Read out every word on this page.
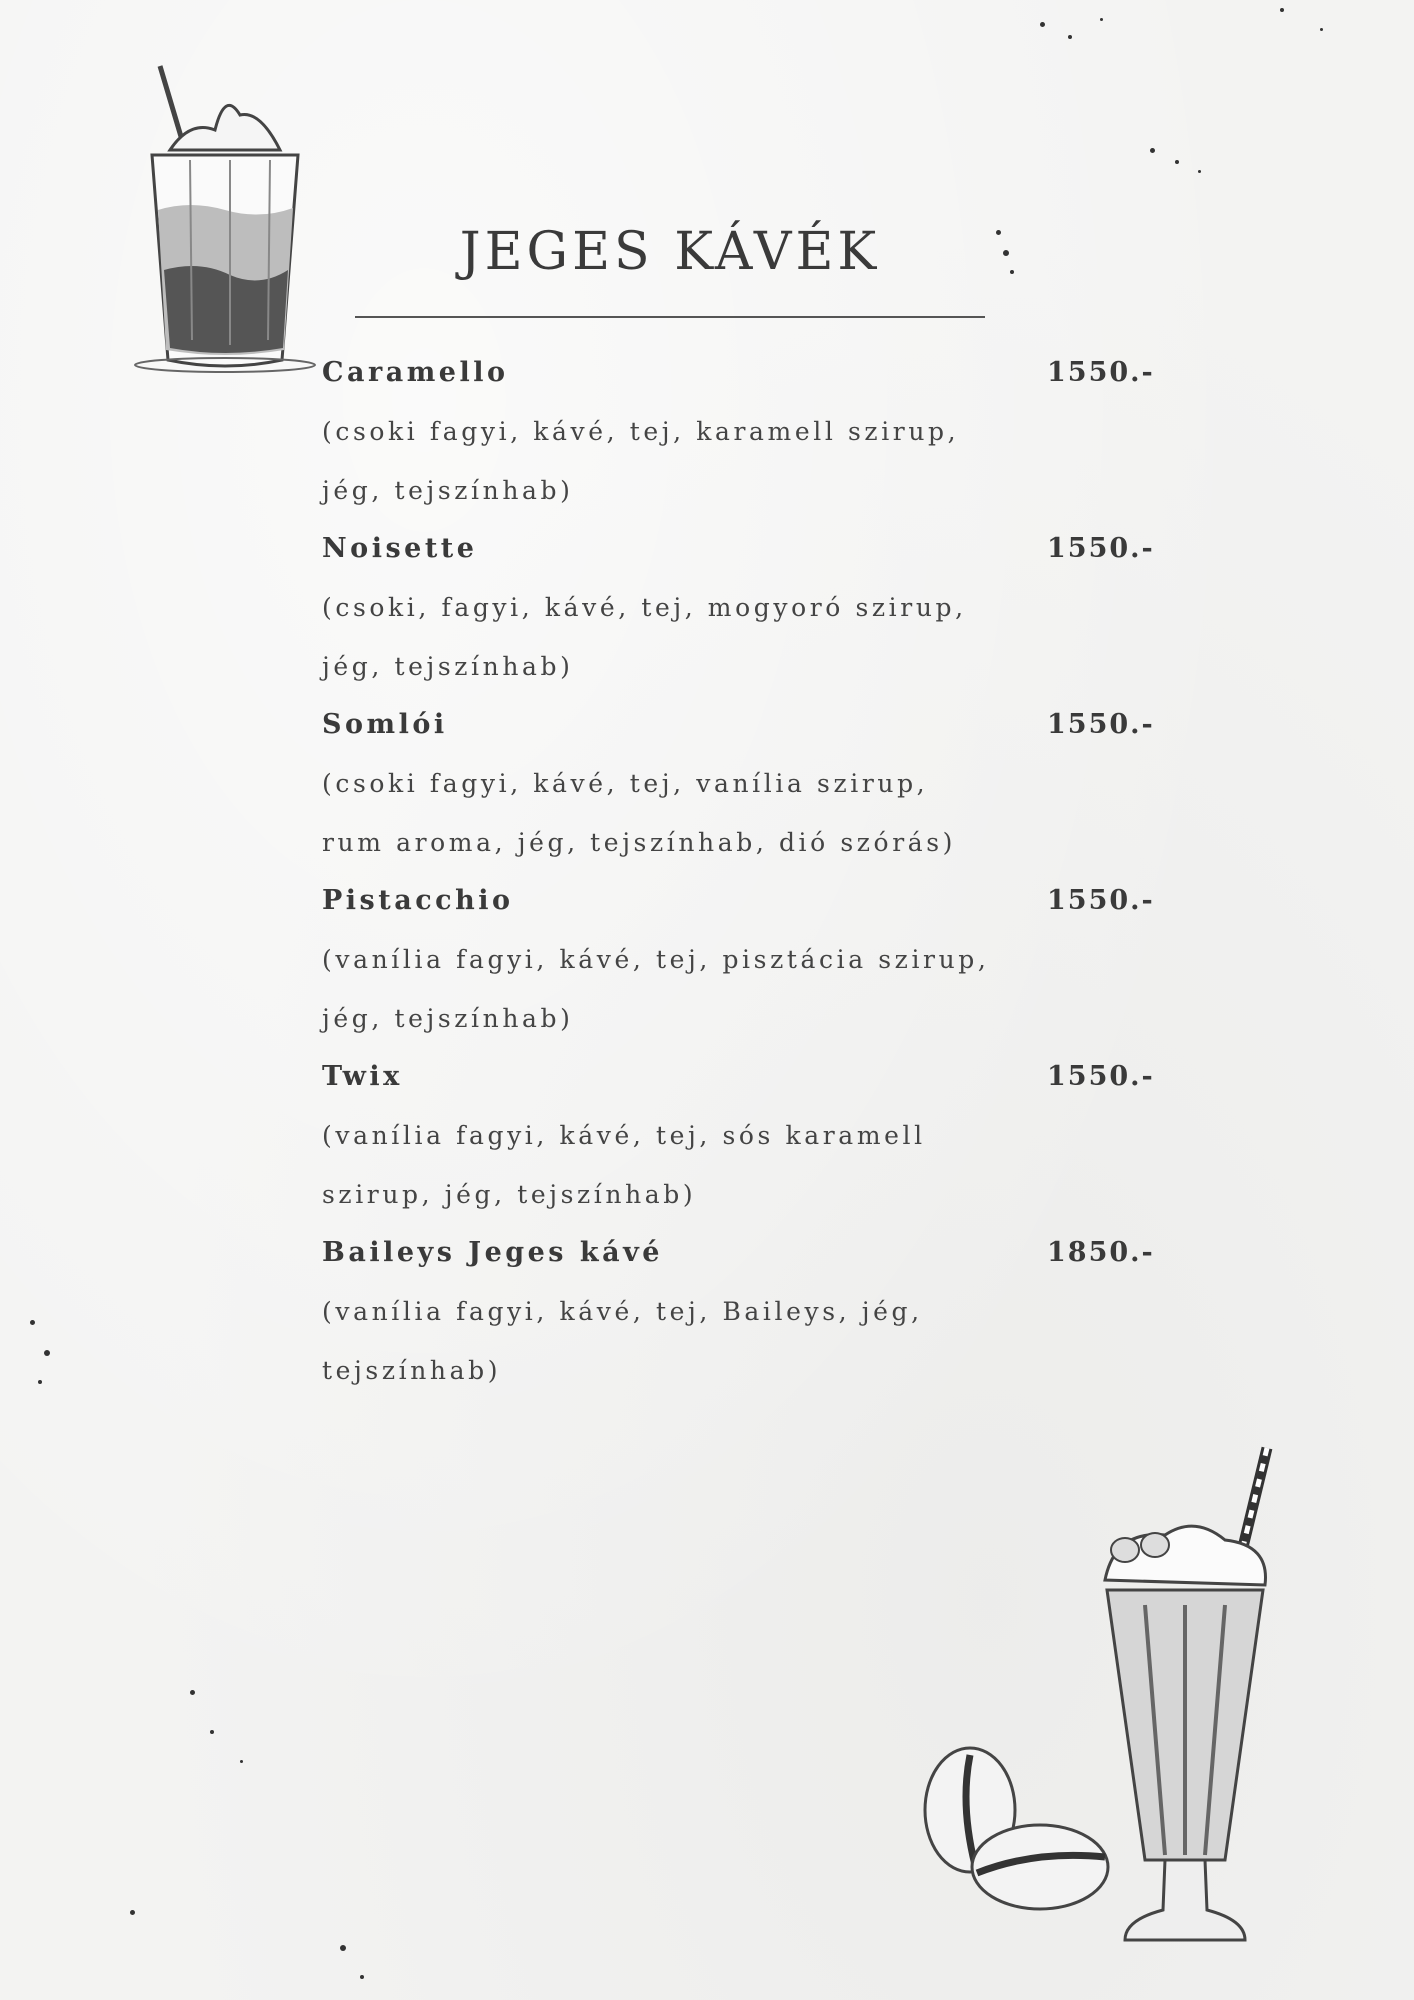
JEGES KÁVÉK
Caramello	1550.-
(csoki fagyi, kávé, tej, karamell szirup,
jég, tejszínhab)
Noisette	1550.-
(csoki, fagyi, kávé, tej, mogyoró szirup,
jég, tejszínhab)
Somlói	1550.-
(csoki fagyi, kávé, tej, vanília szirup,
rum aroma, jég, tejszínhab, dió szórás)
Pistacchio	1550.-
(vanília fagyi, kávé, tej, pisztácia szirup,
jég, tejszínhab)
Twix	1550.-
(vanília fagyi, kávé, tej, sós karamell
szirup, jég, tejszínhab)
Baileys Jeges kávé	1850.-
(vanília fagyi, kávé, tej, Baileys, jég,
tejszínhab)
